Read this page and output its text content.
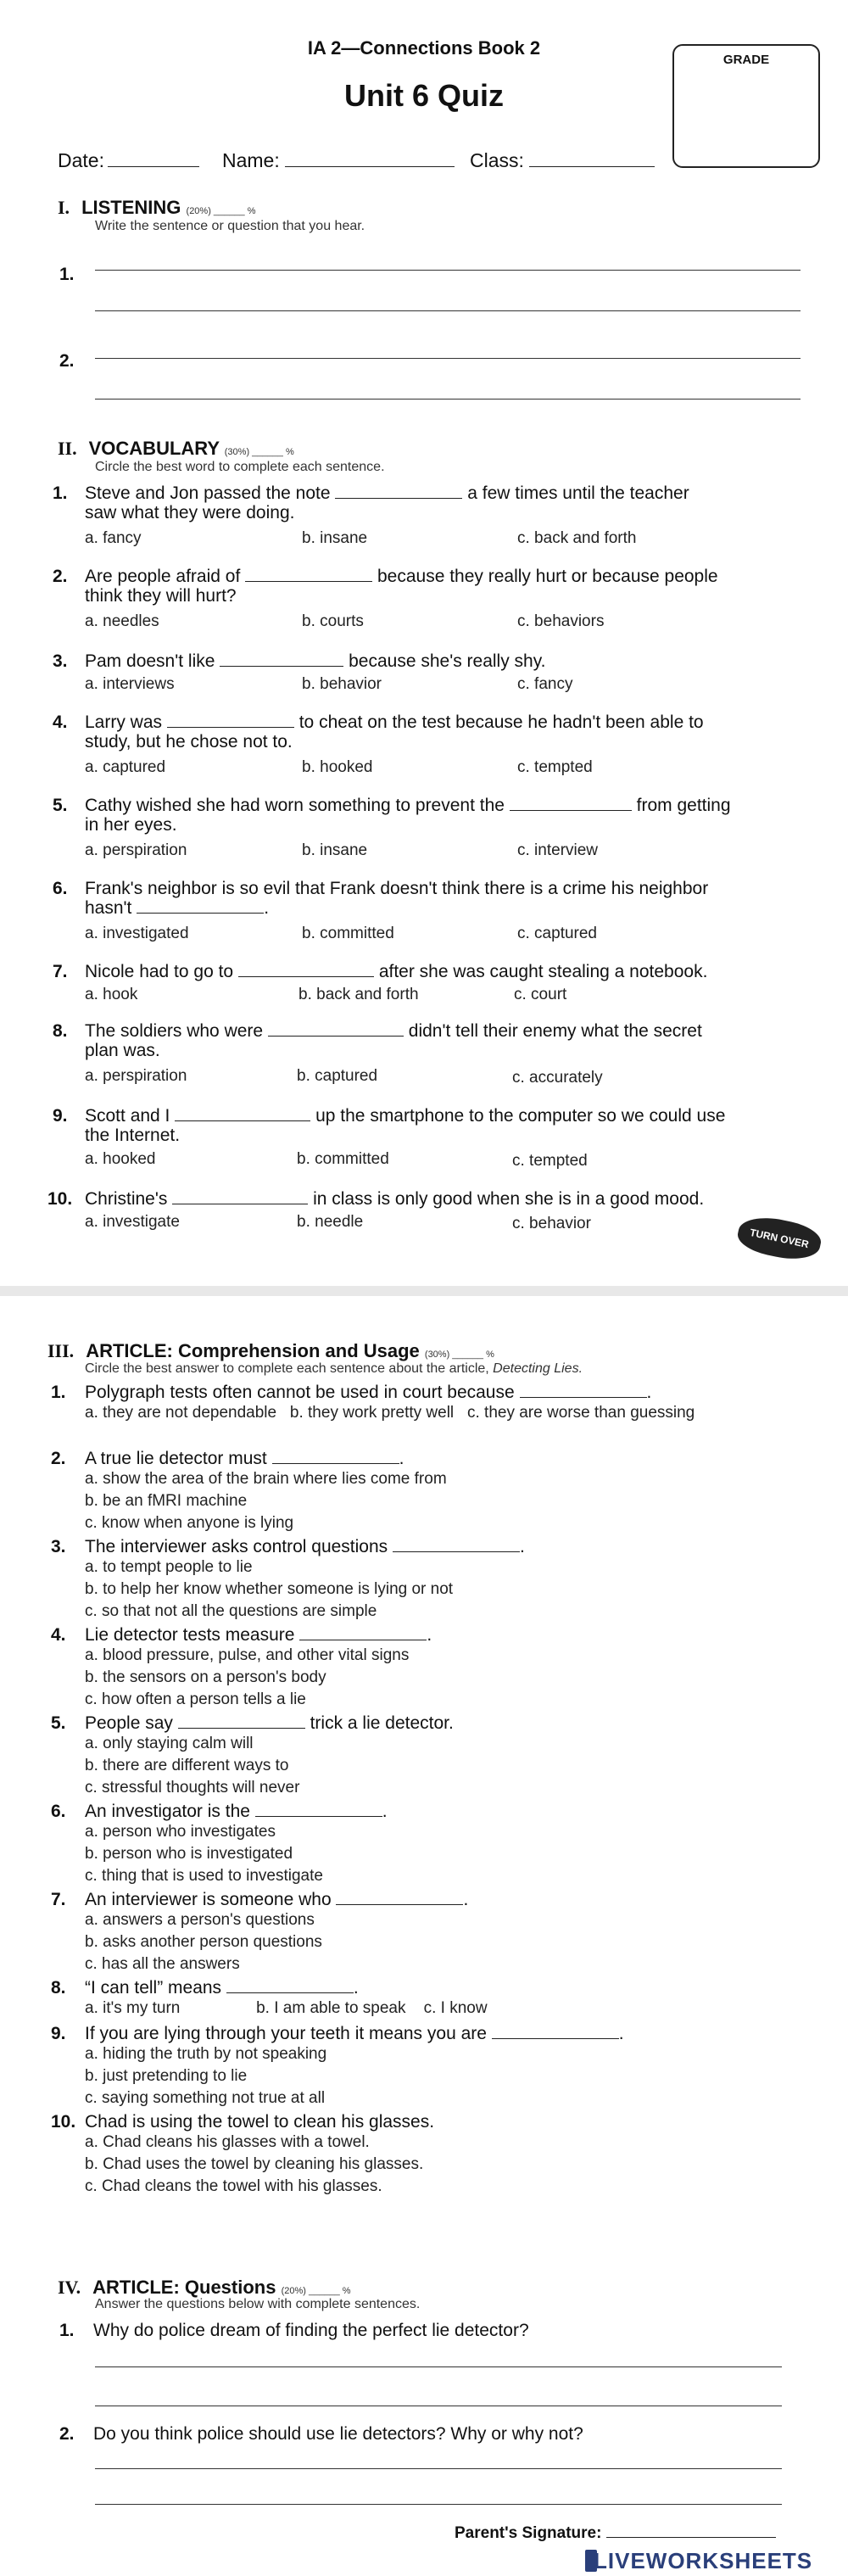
IA 2—Connections Book 2
Unit 6 Quiz
GRADE
Date:	Name:	Class:
I. LISTENING (20%) ______ %
Write the sentence or question that you hear.
1.
2.
II. VOCABULARY (30%) ______ %
Circle the best word to complete each sentence.
1. Steve and Jon passed the note	a few times until the teacher
saw what they were doing.
a. fancy	b. insane	c. back and forth
2. Are people afraid of	because they really hurt or because people
think they will hurt?
a. needles	b. courts	c. behaviors
3. Pam doesn't like	because she's really shy.
a. interviews	b. behavior	c. fancy
4. Larry was	to cheat on the test because he hadn't been able to
study, but he chose not to.
a. captured	b. hooked	c. tempted
5. Cathy wished she had worn something to prevent the	from getting
in her eyes.
a. perspiration	b. insane	c. interview
6. Frank's neighbor is so evil that Frank doesn't think there is a crime his neighbor
hasn't	.
a. investigated	b. committed	c. captured
7. Nicole had to go to	after she was caught stealing a notebook.
a. hook	b. back and forth	c. court
8. The soldiers who were	didn't tell their enemy what the secret
plan was.
a. perspiration	b. captured	c. accurately
9. Scott and I	up the smartphone to the computer so we could use
the Internet.
a. hooked	b. committed	c. tempted
10. Christine's	in class is only good when she is in a good mood.
a. investigate	b. needle	c. behavior
TURN OVER
III. ARTICLE: Comprehension and Usage (30%) ______ %
Circle the best answer to complete each sentence about the article, Detecting Lies.
1. Polygraph tests often cannot be used in court because	.
a. they are not dependable   b. they work pretty well   c. they are worse than guessing
2. A true lie detector must	.
a. show the area of the brain where lies come from
b. be an fMRI machine
c. know when anyone is lying
3. The interviewer asks control questions	.
a. to tempt people to lie
b. to help her know whether someone is lying or not
c. so that not all the questions are simple
4. Lie detector tests measure	.
a. blood pressure, pulse, and other vital signs
b. the sensors on a person's body
c. how often a person tells a lie
5. People say	trick a lie detector.
a. only staying calm will
b. there are different ways to
c. stressful thoughts will never
6. An investigator is the	.
a. person who investigates
b. person who is investigated
c. thing that is used to investigate
7. An interviewer is someone who	.
a. answers a person's questions
b. asks another person questions
c. has all the answers
8. “I can tell” means	.
a. it's my turn                 b. I am able to speak    c. I know
9. If you are lying through your teeth it means you are	.
a. hiding the truth by not speaking
b. just pretending to lie
c. saying something not true at all
10. Chad is using the towel to clean his glasses.
a. Chad cleans his glasses with a towel.
b. Chad uses the towel by cleaning his glasses.
c. Chad cleans the towel with his glasses.
IV. ARTICLE: Questions (20%) ______ %
Answer the questions below with complete sentences.
1. Why do police dream of finding the perfect lie detector?
2. Do you think police should use lie detectors? Why or why not?
Parent's Signature:
LIVEWORKSHEETS
